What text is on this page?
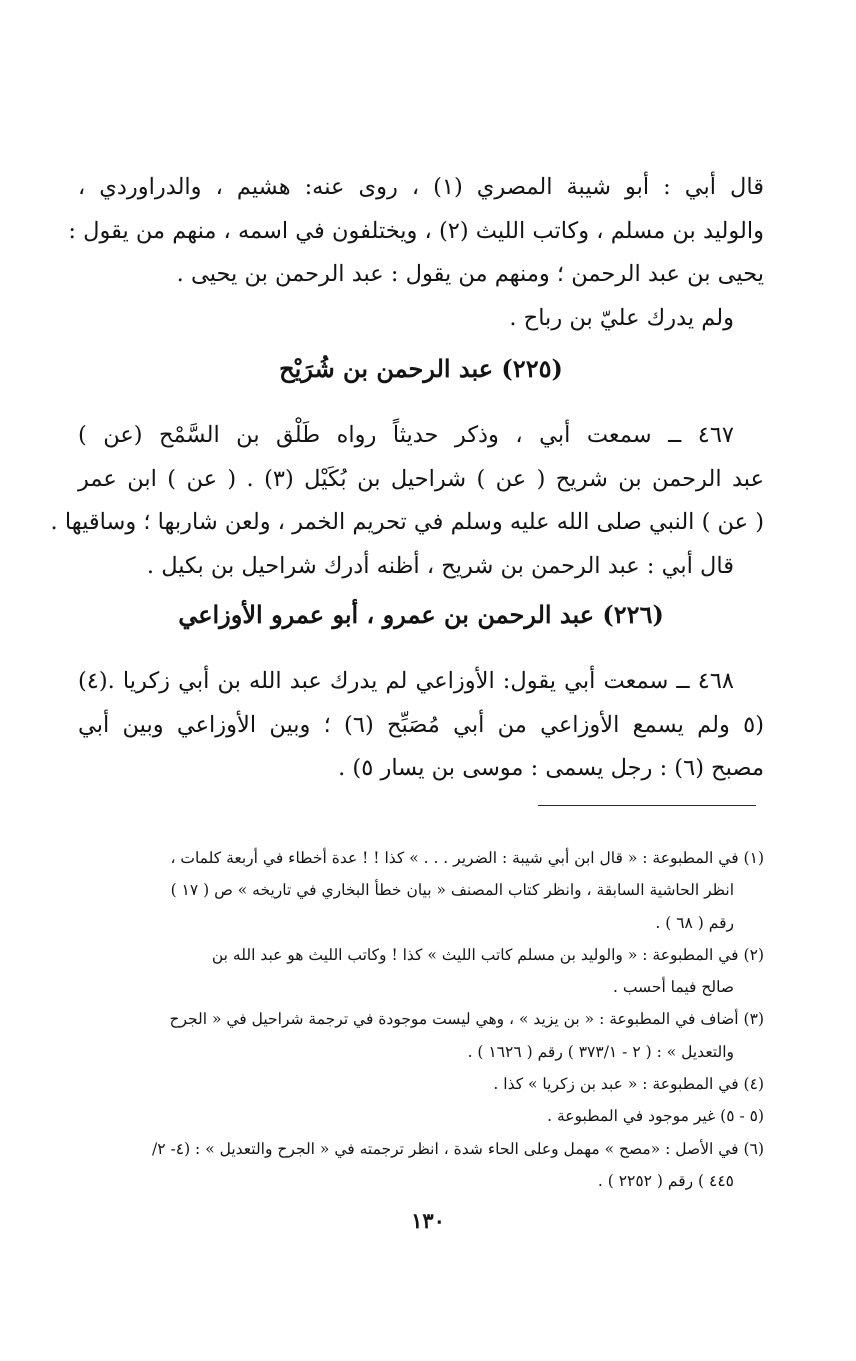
قال أبي : أبو شيبة المصري (١) ، روى عنه: هشيم ، والدراوردي ،
والوليد بن مسلم ، وكاتب الليث (٢) ، ويختلفون في اسمه ، منهم من يقول :
يحيى بن عبد الرحمن ؛ ومنهم من يقول : عبد الرحمن بن يحيى .
ولم يدرك عليّ بن رباح .
(٢٢٥) عبد الرحمن بن شُرَيْح
٤٦٧ ــ سمعت أبي ، وذكر حديثاً رواه طَلْق بن السَّمْح (عن )
عبد الرحمن بن شريح ( عن ) شراحيل بن بُكَيْل (٣) . ( عن ) ابن عمر
( عن ) النبي صلى الله عليه وسلم في تحريم الخمر ، ولعن شاربها ؛ وساقيها .
قال أبي : عبد الرحمن بن شريح ، أظنه أدرك شراحيل بن بكيل .
(٢٢٦) عبد الرحمن بن عمرو ، أبو عمرو الأوزاعي
٤٦٨ ــ سمعت أبي يقول: الأوزاعي لم يدرك عبد الله بن أبي زكريا .(٤)
(٥ ولم يسمع الأوزاعي من أبي مُصَبِّح (٦) ؛ وبين الأوزاعي وبين أبي
مصبح (٦) : رجل يسمى : موسى بن يسار ٥) .
(١) في المطبوعة : « قال ابن أبي شيبة : الضرير . . . » كذا ! ! عدة أخطاء في أربعة كلمات ،
انظر الحاشية السابقة ، وانظر كتاب المصنف « بيان خطأ البخاري في تاريخه » ص ( ١٧ )
رقم ( ٦٨ ) .
(٢) في المطبوعة : « والوليد بن مسلم كاتب الليث » كذا ! وكاتب الليث هو عبد الله بن
صالح فيما أحسب .
(٣) أضاف في المطبوعة : « بن يزيد » ، وهي ليست موجودة في ترجمة شراحيل في « الجرح
والتعديل » : ( ٢ - ٣٧٣/١ ) رقم ( ١٦٢٦ ) .
(٤) في المطبوعة : « عبد بن زكريا » كذا .
(٥ - ٥) غير موجود في المطبوعة .
(٦) في الأصل : «مصح » مهمل وعلى الحاء شدة ، انظر ترجمته في « الجرح والتعديل » : (٤- ٢/
٤٤٥ ) رقم ( ٢٢٥٢ ) .
١٣٠
